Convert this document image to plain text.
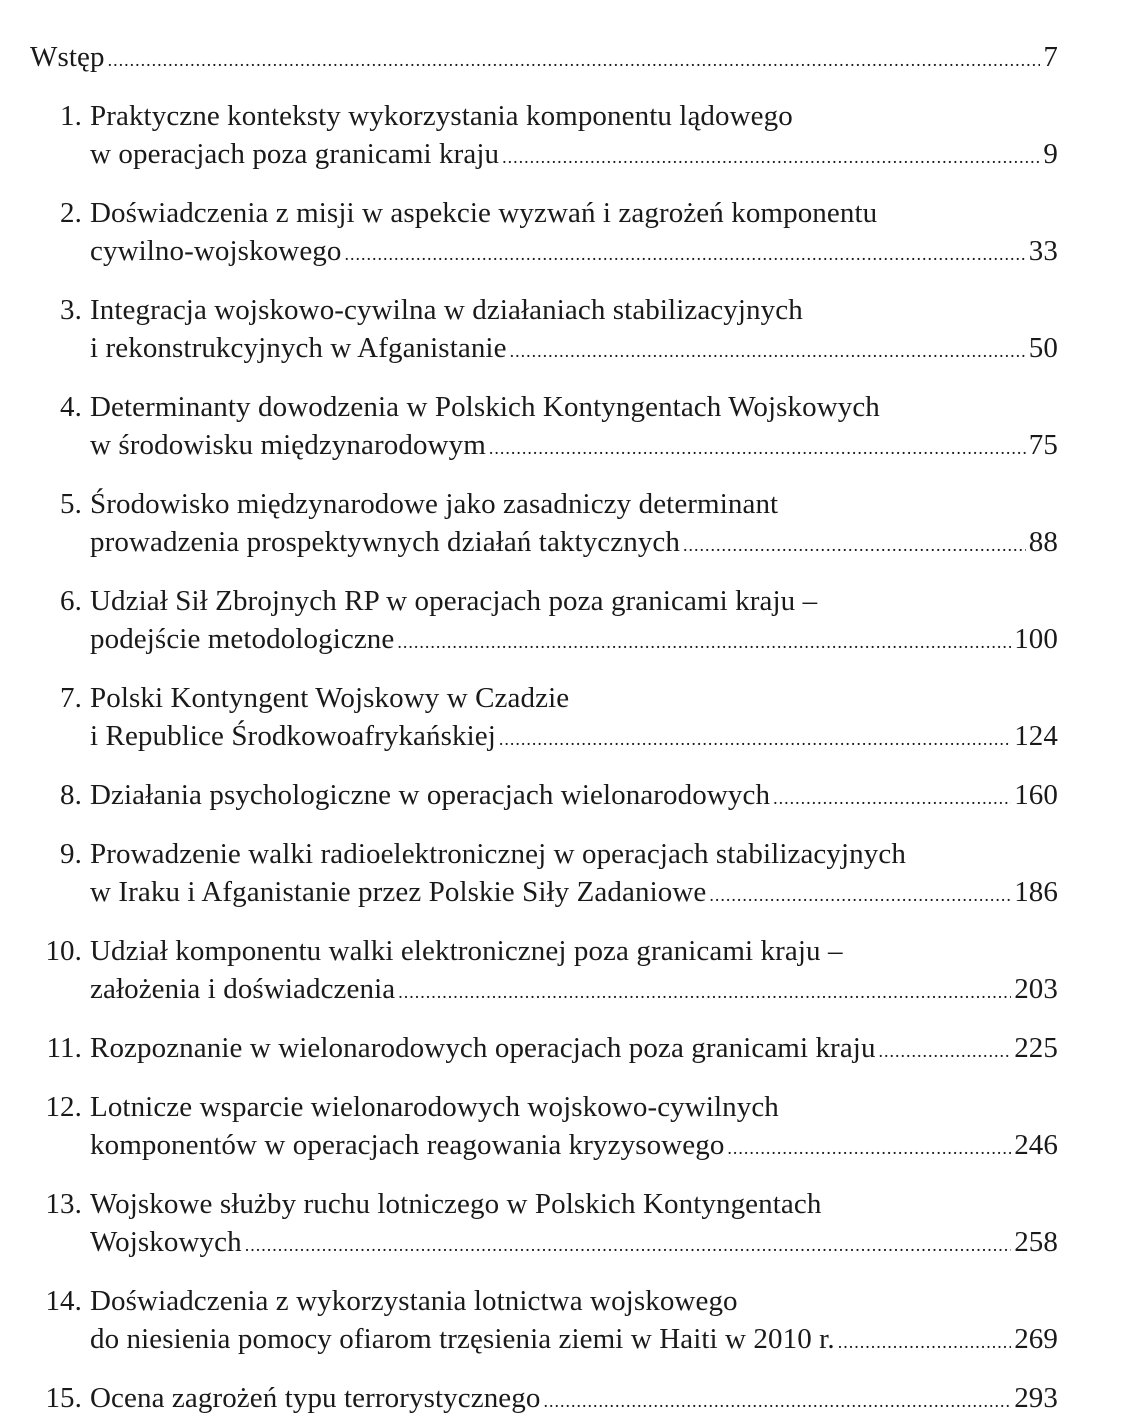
Wstęp .....	7
1. Praktyczne konteksty wykorzystania komponentu lądowego
w operacjach poza granicami kraju .....	9
2. Doświadczenia z misji w aspekcie wyzwań i zagrożeń komponentu
cywilno-wojskowego .....	33
3. Integracja wojskowo-cywilna w działaniach stabilizacyjnych
i rekonstrukcyjnych w Afganistanie .....	50
4. Determinanty dowodzenia w Polskich Kontyngentach Wojskowych
w środowisku międzynarodowym .....	75
5. Środowisko międzynarodowe jako zasadniczy determinant
prowadzenia prospektywnych działań taktycznych .....	88
6. Udział Sił Zbrojnych RP w operacjach poza granicami kraju –
podejście metodologiczne .....	100
7. Polski Kontyngent Wojskowy w Czadzie
i Republice Środkowoafrykańskiej .....	124
8. Działania psychologiczne w operacjach wielonarodowych .....	160
9. Prowadzenie walki radioelektronicznej w operacjach stabilizacyjnych
w Iraku i Afganistanie przez Polskie Siły Zadaniowe .....	186
10. Udział komponentu walki elektronicznej poza granicami kraju –
założenia i doświadczenia .....	203
11. Rozpoznanie w wielonarodowych operacjach poza granicami kraju .....	225
12. Lotnicze wsparcie wielonarodowych wojskowo-cywilnych
komponentów w operacjach reagowania kryzysowego .....	246
13. Wojskowe służby ruchu lotniczego w Polskich Kontyngentach
Wojskowych .....	258
14. Doświadczenia z wykorzystania lotnictwa wojskowego
do niesienia pomocy ofiarom trzęsienia ziemi w Haiti w 2010 r. .....	269
15. Ocena zagrożeń typu terrorystycznego .....	293
